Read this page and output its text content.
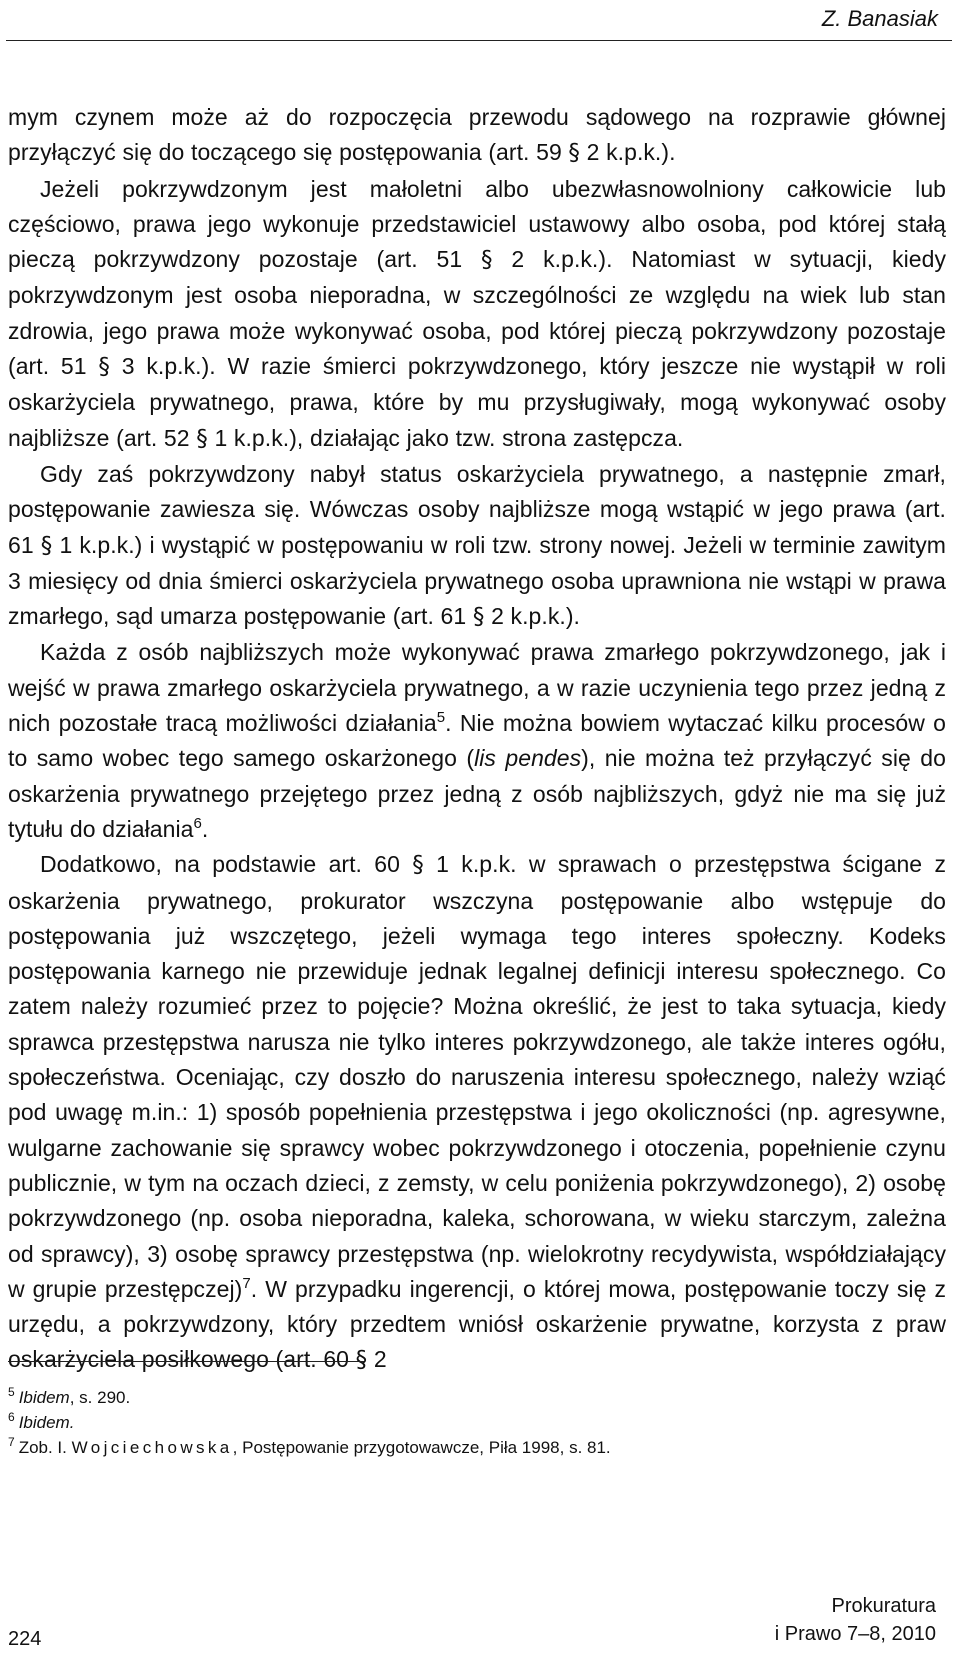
Z. Banasiak

mym czynem może aż do rozpoczęcia przewodu sądowego na rozprawie głównej przyłączyć się do toczącego się postępowania (art. 59 § 2 k.p.k.).

Jeżeli pokrzywdzonym jest małoletni albo ubezwłasnowolniony całkowicie lub częściowo, prawa jego wykonuje przedstawiciel ustawowy albo osoba, pod której stałą pieczą pokrzywdzony pozostaje (art. 51 § 2 k.p.k.). Natomiast w sytuacji, kiedy pokrzywdzonym jest osoba nieporadna, w szczególności ze względu na wiek lub stan zdrowia, jego prawa może wykonywać osoba, pod której pieczą pokrzywdzony pozostaje (art. 51 § 3 k.p.k.). W razie śmierci pokrzywdzonego, który jeszcze nie wystąpił w roli oskarżyciela prywatnego, prawa, które by mu przysługiwały, mogą wykonywać osoby najbliższe (art. 52 § 1 k.p.k.), działając jako tzw. strona zastępcza.

Gdy zaś pokrzywdzony nabył status oskarżyciela prywatnego, a następnie zmarł, postępowanie zawiesza się. Wówczas osoby najbliższe mogą wstąpić w jego prawa (art. 61 § 1 k.p.k.) i wystąpić w postępowaniu w roli tzw. strony nowej. Jeżeli w terminie zawitym 3 miesięcy od dnia śmierci oskarżyciela prywatnego osoba uprawniona nie wstąpi w prawa zmarłego, sąd umarza postępowanie (art. 61 § 2 k.p.k.).

Każda z osób najbliższych może wykonywać prawa zmarłego pokrzywdzonego, jak i wejść w prawa zmarłego oskarżyciela prywatnego, a w razie uczynienia tego przez jedną z nich pozostałe tracą możliwości działania$^5$. Nie można bowiem wytaczać kilku procesów o to samo wobec tego samego oskarżonego (lis pendes), nie można też przyłączyć się do oskarżenia prywatnego przejętego przez jedną z osób najbliższych, gdyż nie ma się już tytułu do działania$^6$.

Dodatkowo, na podstawie art. 60 § 1 k.p.k. w sprawach o przestępstwa ścigane z oskarżenia prywatnego, prokurator wszczyna postępowanie albo wstępuje do postępowania już wszczętego, jeżeli wymaga tego interes społeczny. Kodeks postępowania karnego nie przewiduje jednak legalnej definicji interesu społecznego. Co zatem należy rozumieć przez to pojęcie? Można określić, że jest to taka sytuacja, kiedy sprawca przestępstwa narusza nie tylko interes pokrzywdzonego, ale także interes ogółu, społeczeństwa. Oceniając, czy doszło do naruszenia interesu społecznego, należy wziąć pod uwagę m.in.: 1) sposób popełnienia przestępstwa i jego okoliczności (np. agresywne, wulgarne zachowanie się sprawcy wobec pokrzywdzonego i otoczenia, popełnienie czynu publicznie, w tym na oczach dzieci, z zemsty, w celu poniżenia pokrzywdzonego), 2) osobę pokrzywdzonego (np. osoba nieporadna, kaleka, schorowana, w wieku starczym, zależna od sprawcy), 3) osobę sprawcy przestępstwa (np. wielokrotny recydywista, współdziałający w grupie przestępczej)$^7$. W przypadku ingerencji, o której mowa, postępowanie toczy się z urzędu, a pokrzywdzony, który przedtem wniósł oskarżenie prywatne, korzysta z praw oskarżyciela posiłkowego (art. 60 § 2

$^5$ Ibidem, s. 290.

$^6$ Ibidem.

$^7$ Zob. I. Wojciechowska, Postępowanie przygotowawcze, Piła 1998, s. 81.

224
Prokuratura
i Prawo 7–8, 2010
